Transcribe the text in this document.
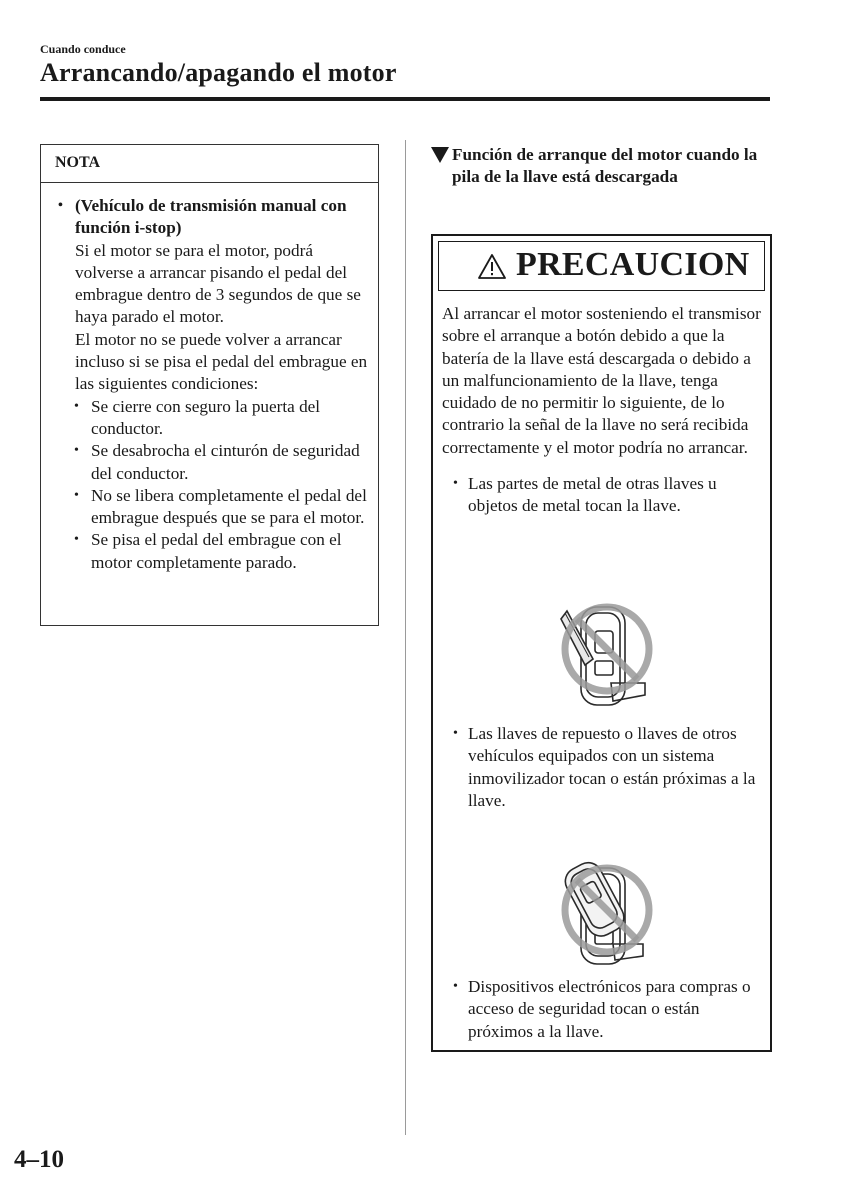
Cuando conduce
Arrancando/apagando el motor
NOTA
• (Vehículo de transmisión manual con función i-stop)
Si el motor se para el motor, podrá volverse a arrancar pisando el pedal del embrague dentro de 3 segundos de que se haya parado el motor.
El motor no se puede volver a arrancar incluso si se pisa el pedal del embrague en las siguientes condiciones:
• Se cierre con seguro la puerta del conductor.
• Se desabrocha el cinturón de seguridad del conductor.
• No se libera completamente el pedal del embrague después que se para el motor.
• Se pisa el pedal del embrague con el motor completamente parado.
Función de arranque del motor cuando la pila de la llave está descargada
PRECAUCION
Al arrancar el motor sosteniendo el transmisor sobre el arranque a botón debido a que la batería de la llave está descargada o debido a un malfuncionamiento de la llave, tenga cuidado de no permitir lo siguiente, de lo contrario la señal de la llave no será recibida correctamente y el motor podría no arrancar.
• Las partes de metal de otras llaves u objetos de metal tocan la llave.
• Las llaves de repuesto o llaves de otros vehículos equipados con un sistema inmovilizador tocan o están próximas a la llave.
• Dispositivos electrónicos para compras o acceso de seguridad tocan o están próximos a la llave.
4–10
